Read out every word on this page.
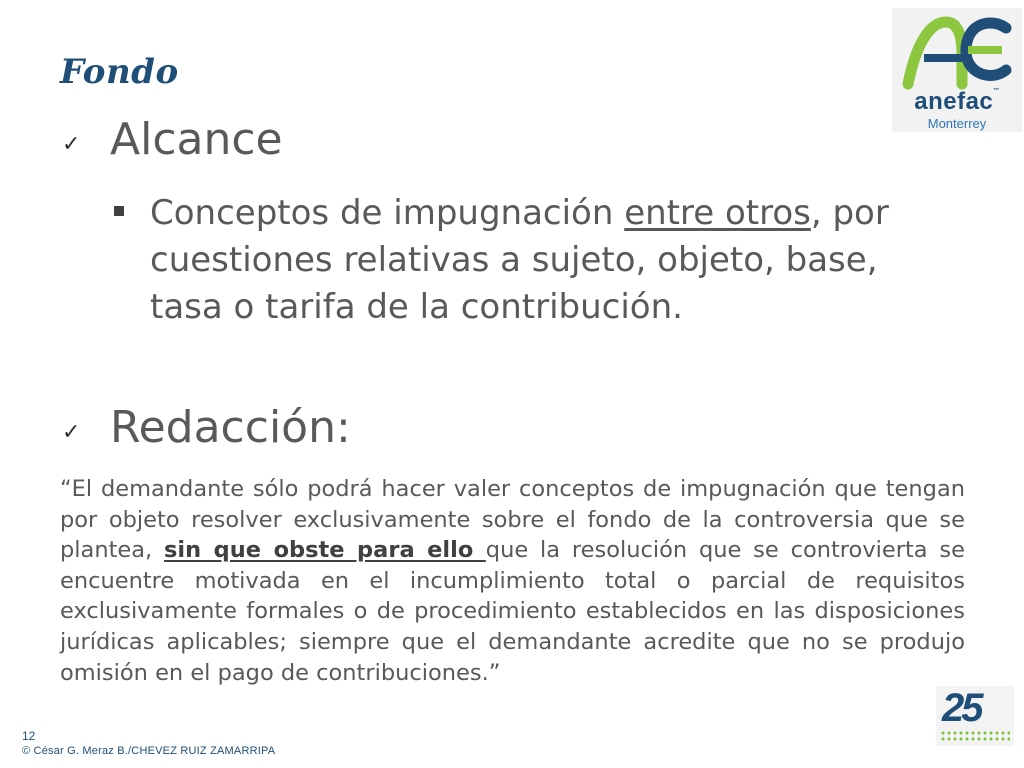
Fondo
anefac™
Monterrey
✓ Alcance
Conceptos de impugnación entre otros, por cuestiones relativas a sujeto, objeto, base, tasa o tarifa de la contribución.
✓ Redacción:
“El demandante sólo podrá hacer valer conceptos de impugnación que tengan por objeto resolver exclusivamente sobre el fondo de la controversia que se plantea, sin que obste para ello que la resolución que se controvierta se encuentre motivada en el incumplimiento total o parcial de requisitos exclusivamente formales o de procedimiento establecidos en las disposiciones jurídicas aplicables; siempre que el demandante acredite que no se produjo omisión en el pago de contribuciones.”
12
© César G. Meraz B./CHEVEZ RUIZ ZAMARRIPA
25
